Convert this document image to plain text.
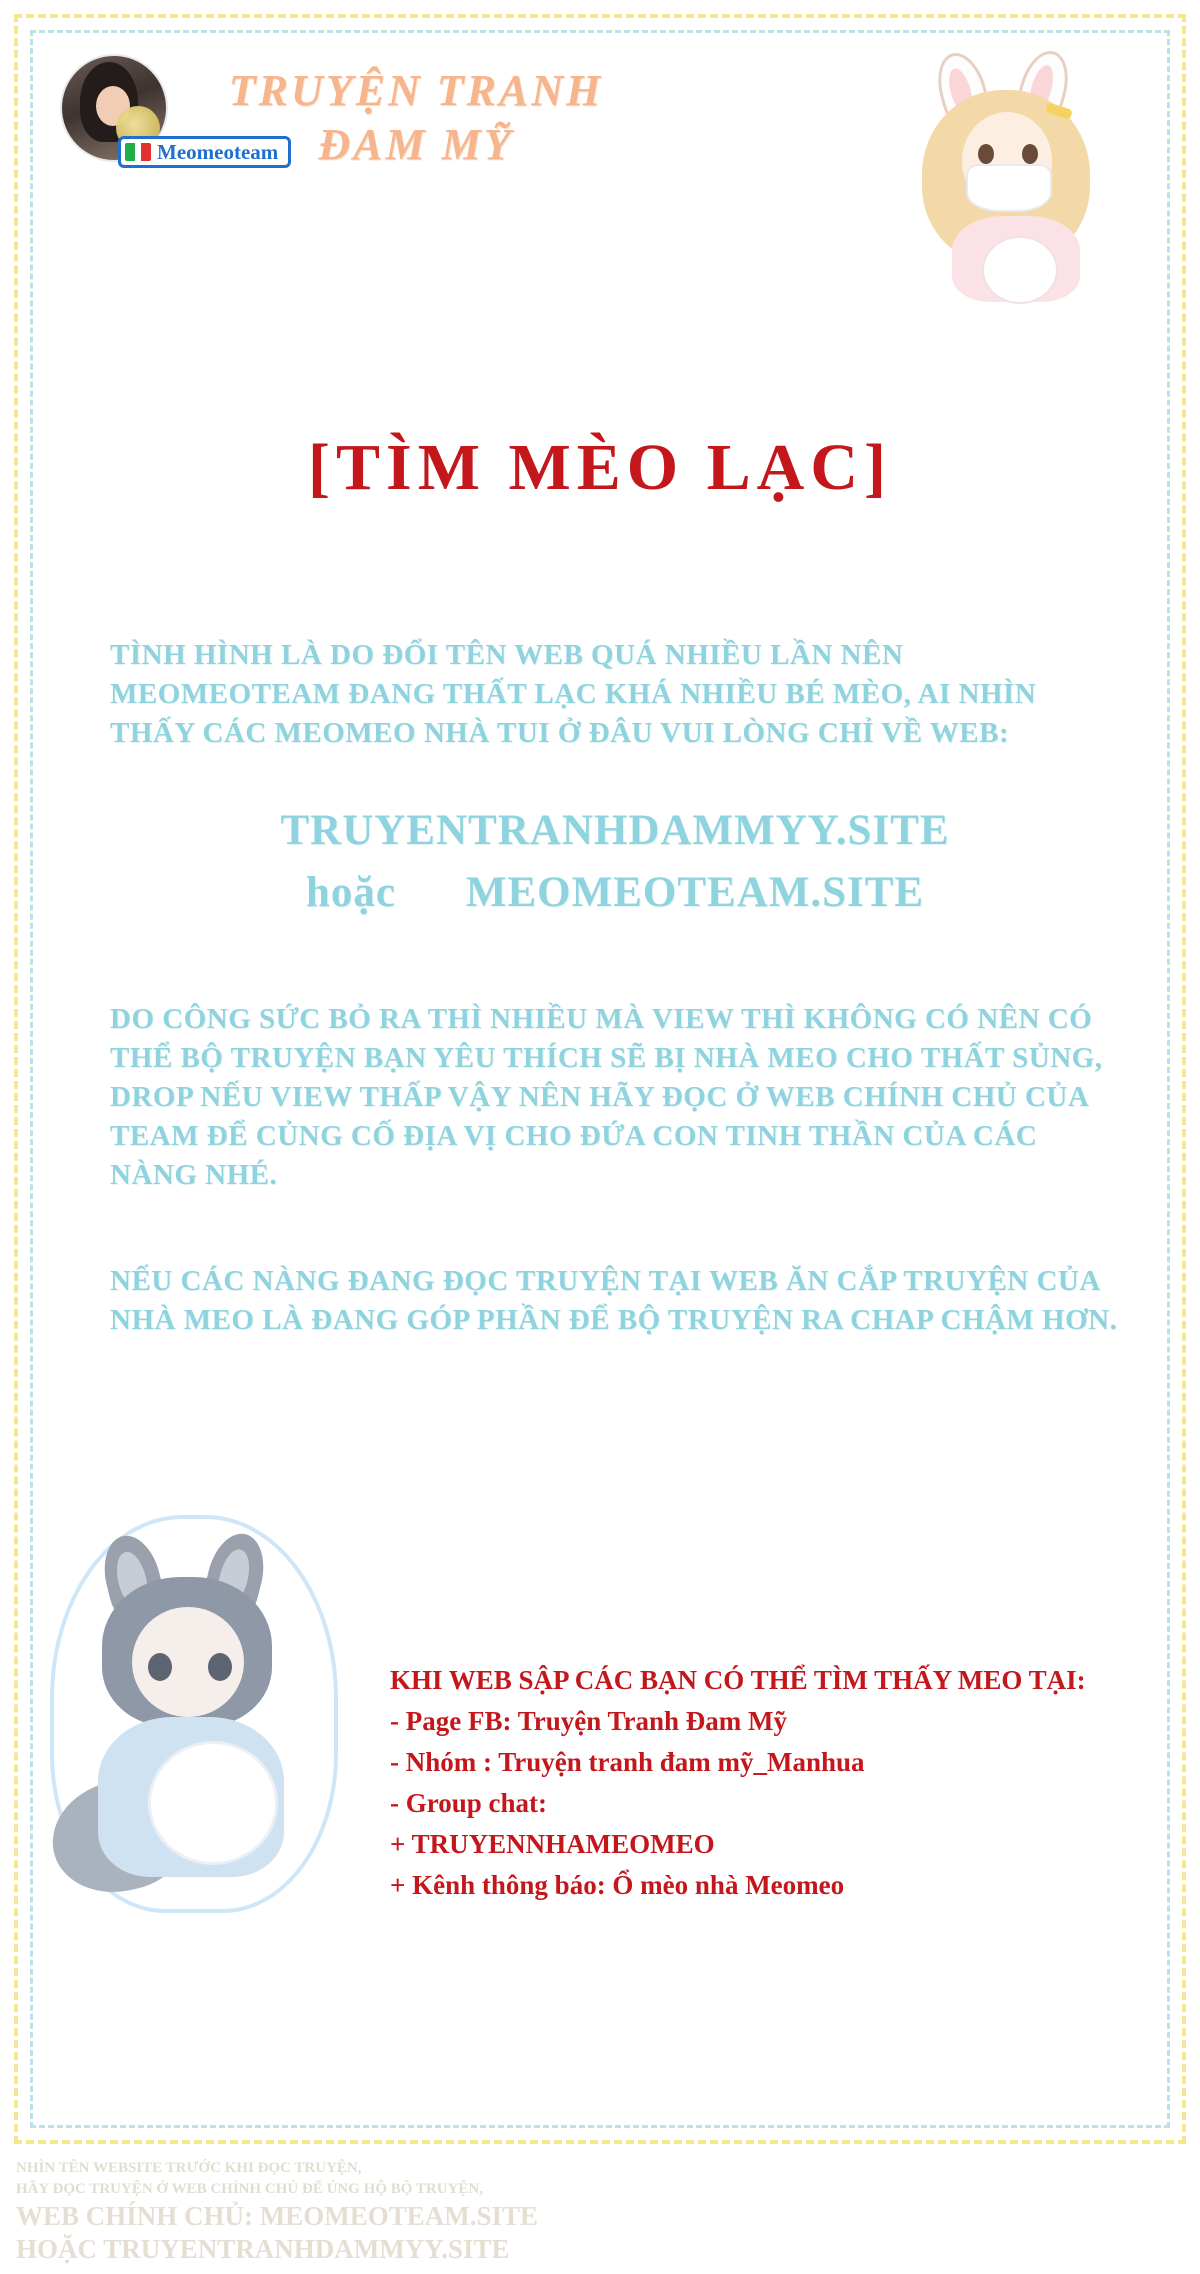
Meomeoteam
TRUYỆN TRANH
ĐAM MỸ
[TÌM MÈO LẠC]
TÌNH HÌNH LÀ DO ĐỔI TÊN WEB QUÁ NHIỀU LẦN NÊN MEOMEOTEAM ĐANG THẤT LẠC KHÁ NHIỀU BÉ MÈO, AI NHÌN THẤY CÁC MEOMEO NHÀ TUI Ở ĐÂU VUI LÒNG CHỈ VỀ WEB:
TRUYENTRANHDAMMYY.SITE
hoặc MEOMEOTEAM.SITE
DO CÔNG SỨC BỎ RA THÌ NHIỀU MÀ VIEW THÌ KHÔNG CÓ NÊN CÓ THỂ BỘ TRUYỆN BẠN YÊU THÍCH SẼ BỊ NHÀ MEO CHO THẤT SỦNG, DROP NẾU VIEW THẤP VẬY NÊN HÃY ĐỌC Ở WEB CHÍNH CHỦ CỦA TEAM ĐỂ CỦNG CỐ ĐỊA VỊ CHO ĐỨA CON TINH THẦN CỦA CÁC NÀNG NHÉ.
NẾU CÁC NÀNG ĐANG ĐỌC TRUYỆN TẠI WEB ĂN CẮP TRUYỆN CỦA NHÀ MEO LÀ ĐANG GÓP PHẦN ĐỂ BỘ TRUYỆN RA CHAP CHẬM HƠN.
KHI WEB SẬP CÁC BẠN CÓ THỂ TÌM THẤY MEO TẠI:
- Page FB: Truyện Tranh Đam Mỹ
- Nhóm : Truyện tranh đam mỹ_Manhua
- Group chat:
+ TRUYENNHAMEOMEO
+ Kênh thông báo: Ổ mèo nhà Meomeo
NHÌN TÊN WEBSITE TRƯỚC KHI ĐỌC TRUYỆN,
HÃY ĐỌC TRUYỆN Ở WEB CHÍNH CHỦ ĐỂ ỦNG HỘ BỘ TRUYỆN,
WEB CHÍNH CHỦ: MEOMEOTEAM.SITE
HOẶC TRUYENTRANHDAMMYY.SITE
